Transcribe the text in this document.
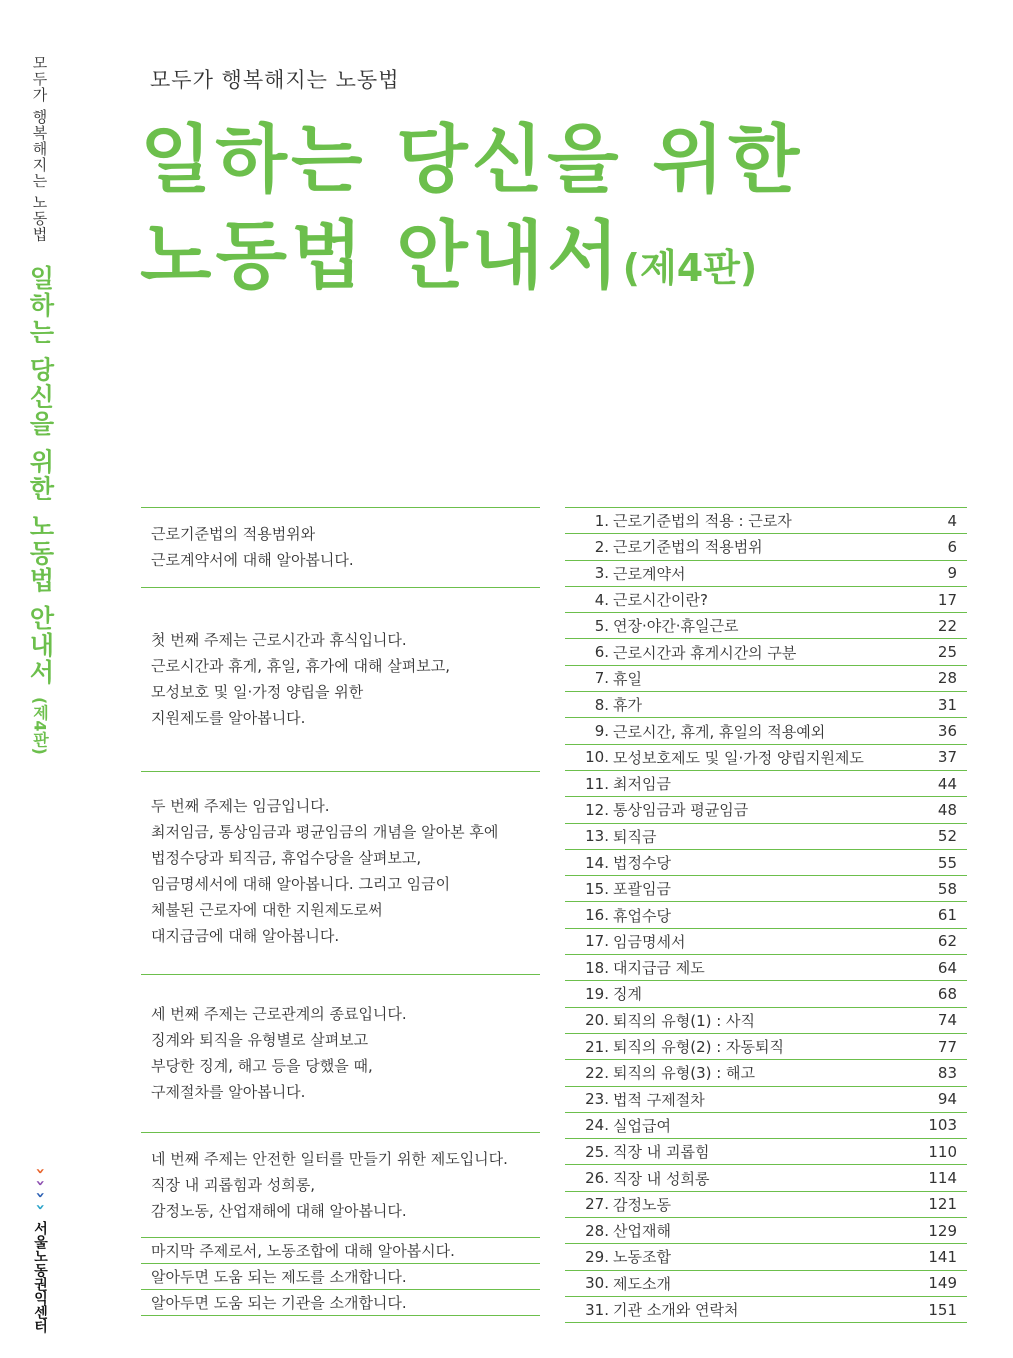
모두가 행복해지는 노동법
일하는 당신을 위한 노동법 안내서
(제4판)
›
›
›
›
서울노동권익센터
모두가 행복해지는 노동법
일하는 당신을 위한
노동법 안내서(제4판)
근로기준법의 적용범위와
근로계약서에 대해 알아봅니다.
첫 번째 주제는 근로시간과 휴식입니다.
근로시간과 휴게, 휴일, 휴가에 대해 살펴보고,
모성보호 및 일·가정 양립을 위한
지원제도를 알아봅니다.
두 번째 주제는 임금입니다.
최저임금, 통상임금과 평균임금의 개념을 알아본 후에
법정수당과 퇴직금, 휴업수당을 살펴보고,
임금명세서에 대해 알아봅니다. 그리고 임금이
체불된 근로자에 대한 지원제도로써
대지급금에 대해 알아봅니다.
세 번째 주제는 근로관계의 종료입니다.
징계와 퇴직을 유형별로 살펴보고
부당한 징계, 해고 등을 당했을 때,
구제절차를 알아봅니다.
네 번째 주제는 안전한 일터를 만들기 위한 제도입니다.
직장 내 괴롭힘과 성희롱,
감정노동, 산업재해에 대해 알아봅니다.
마지막 주제로서, 노동조합에 대해 알아봅시다.
알아두면 도움 되는 제도를 소개합니다.
알아두면 도움 되는 기관을 소개합니다.
1. 근로기준법의 적용 : 근로자	4
2. 근로기준법의 적용범위	6
3. 근로계약서	9
4. 근로시간이란?	17
5. 연장·야간·휴일근로	22
6. 근로시간과 휴게시간의 구분	25
7. 휴일	28
8. 휴가	31
9. 근로시간, 휴게, 휴일의 적용예외	36
10. 모성보호제도 및 일·가정 양립지원제도	37
11. 최저임금	44
12. 통상임금과 평균임금	48
13. 퇴직금	52
14. 법정수당	55
15. 포괄임금	58
16. 휴업수당	61
17. 임금명세서	62
18. 대지급금 제도	64
19. 징계	68
20. 퇴직의 유형(1) : 사직	74
21. 퇴직의 유형(2) : 자동퇴직	77
22. 퇴직의 유형(3) : 해고	83
23. 법적 구제절차	94
24. 실업급여	103
25. 직장 내 괴롭힘	110
26. 직장 내 성희롱	114
27. 감정노동	121
28. 산업재해	129
29. 노동조합	141
30. 제도소개	149
31. 기관 소개와 연락처	151
